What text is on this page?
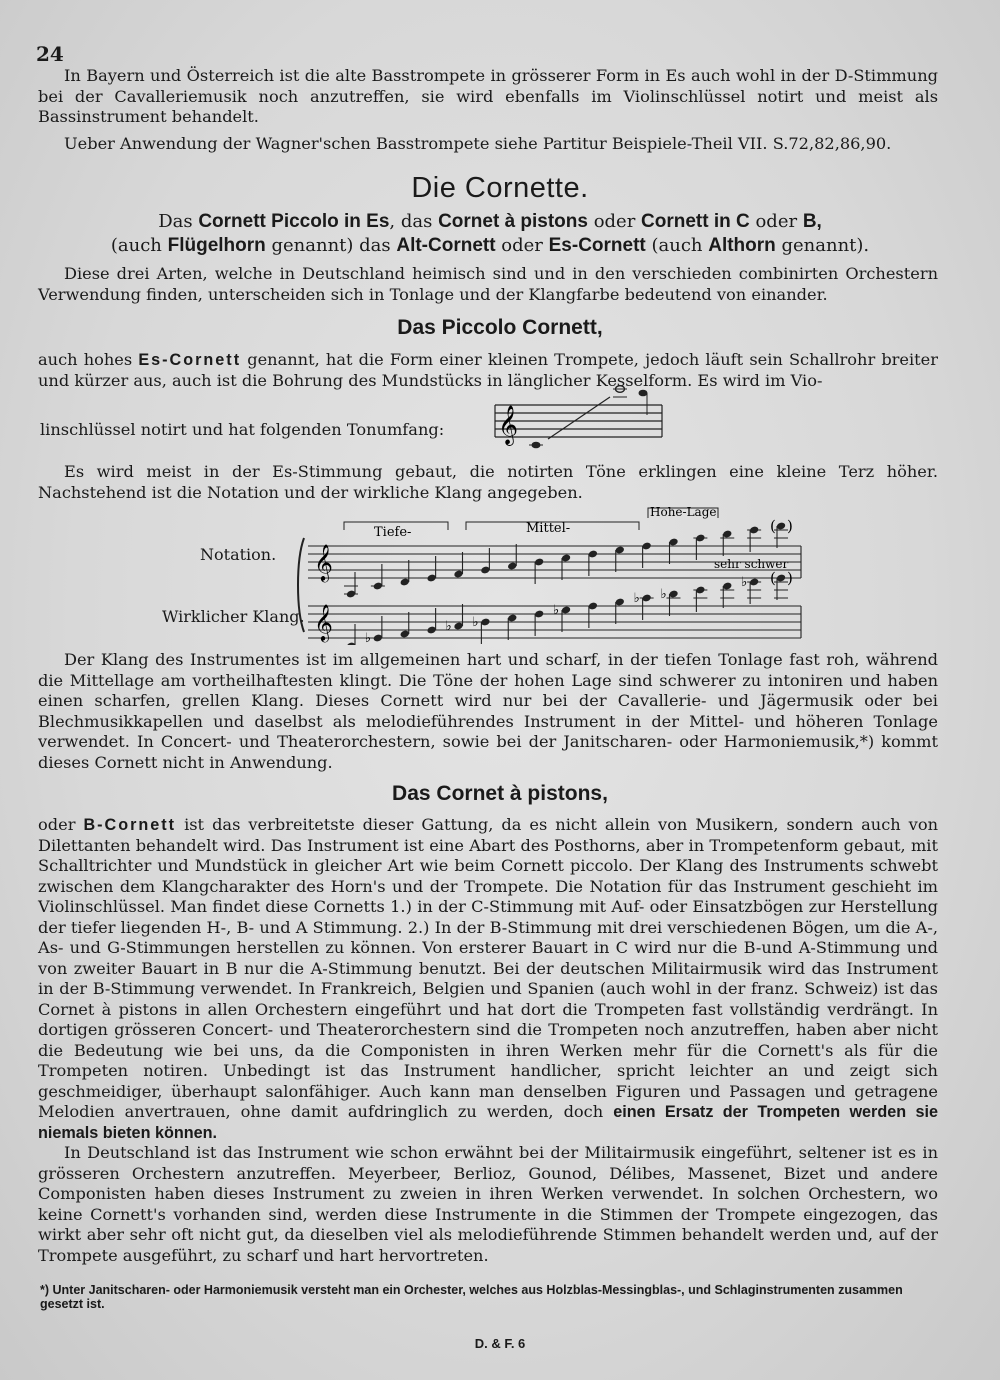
24

In Bayern und Österreich ist die alte Basstrompete in grösserer Form in Es auch wohl in der D-Stimmung bei der Cavalleriemusik noch anzutreffen, sie wird ebenfalls im Violinschlüssel notirt und meist als Bassinstrument behandelt.

Ueber Anwendung der Wagner'schen Basstrompete siehe Partitur Beispiele-Theil VII. S.72,82,86,90.

Die Cornette.
Das Cornett Piccolo in Es, das Cornet à pistons oder Cornett in C oder B,
(auch Flügelhorn genannt) das Alt-Cornett oder Es-Cornett (auch Althorn genannt).

Diese drei Arten, welche in Deutschland heimisch sind und in den verschieden combinirten Orchestern Verwendung finden, unterscheiden sich in Tonlage und der Klangfarbe bedeutend von einander.

Das Piccolo Cornett,

auch hohes Es-Cornett genannt, hat die Form einer kleinen Trompete, jedoch läuft sein Schallrohr breiter und kürzer aus, auch ist die Bohrung des Mundstücks in länglicher Kesselform. Es wird im Vio-

linschlüssel notirt und hat folgenden Tonumfang: 𝄞

Es wird meist in der Es-Stimmung gebaut, die notirten Töne erklingen eine kleine Terz höher. Nachstehend ist die Notation und der wirkliche Klang angegeben.

Notation.
Wirklicher Klang.
Tiefe-	Mittel-
Hohe-Lage
sehr schwer
𝄞
𝄞
( )
♭
♭ ♭
♭
♭ ♭
♭ ( )

Der Klang des Instrumentes ist im allgemeinen hart und scharf, in der tiefen Tonlage fast roh, während die Mittellage am vortheilhaftesten klingt. Die Töne der hohen Lage sind schwerer zu intoniren und haben einen scharfen, grellen Klang. Dieses Cornett wird nur bei der Cavallerie- und Jägermusik oder bei Blechmusikkapellen und daselbst als melodieführendes Instrument in der Mittel- und höheren Tonlage verwendet. In Concert- und Theaterorchestern, sowie bei der Janitscharen- oder Harmoniemusik,*) kommt dieses Cornett nicht in Anwendung.

Das Cornet à pistons,

oder B-Cornett ist das verbreitetste dieser Gattung, da es nicht allein von Musikern, sondern auch von Dilettanten behandelt wird. Das Instrument ist eine Abart des Posthorns, aber in Trompetenform gebaut, mit Schalltrichter und Mundstück in gleicher Art wie beim Cornett piccolo. Der Klang des Instruments schwebt zwischen dem Klangcharakter des Horn's und der Trompete. Die Notation für das Instrument geschieht im Violinschlüssel. Man findet diese Cornetts 1.) in der C-Stimmung mit Auf- oder Einsatzbögen zur Herstellung der tiefer liegenden H-, B- und A Stimmung. 2.) In der B-Stimmung mit drei verschiedenen Bögen, um die A-, As- und G-Stimmungen herstellen zu können. Von ersterer Bauart in C wird nur die B-und A-Stimmung und von zweiter Bauart in B nur die A-Stimmung benutzt. Bei der deutschen Militairmusik wird das Instrument in der B-Stimmung verwendet. In Frankreich, Belgien und Spanien (auch wohl in der franz. Schweiz) ist das Cornet à pistons in allen Orchestern eingeführt und hat dort die Trompeten fast vollständig verdrängt. In dortigen grösseren Concert- und Theaterorchestern sind die Trompeten noch anzutreffen, haben aber nicht die Bedeutung wie bei uns, da die Componisten in ihren Werken mehr für die Cornett's als für die Trompeten notiren. Unbedingt ist das Instrument handlicher, spricht leichter an und zeigt sich geschmeidiger, überhaupt salonfähiger. Auch kann man denselben Figuren und Passagen und getragene Melodien anvertrauen, ohne damit aufdringlich zu werden, doch einen Ersatz der Trompeten werden sie niemals bieten können.

In Deutschland ist das Instrument wie schon erwähnt bei der Militairmusik eingeführt, seltener ist es in grösseren Orchestern anzutreffen. Meyerbeer, Berlioz, Gounod, Délibes, Massenet, Bizet und andere Componisten haben dieses Instrument zu zweien in ihren Werken verwendet. In solchen Orchestern, wo keine Cornett's vorhanden sind, werden diese Instrumente in die Stimmen der Trompete eingezogen, das wirkt aber sehr oft nicht gut, da dieselben viel als melodieführende Stimmen behandelt werden und, auf der Trompete ausgeführt, zu scharf und hart hervortreten.

*) Unter Janitscharen- oder Harmoniemusik versteht man ein Orchester, welches aus Holzblas-Messingblas-, und Schlaginstrumenten zusammen gesetzt ist.
D. & F. 6
